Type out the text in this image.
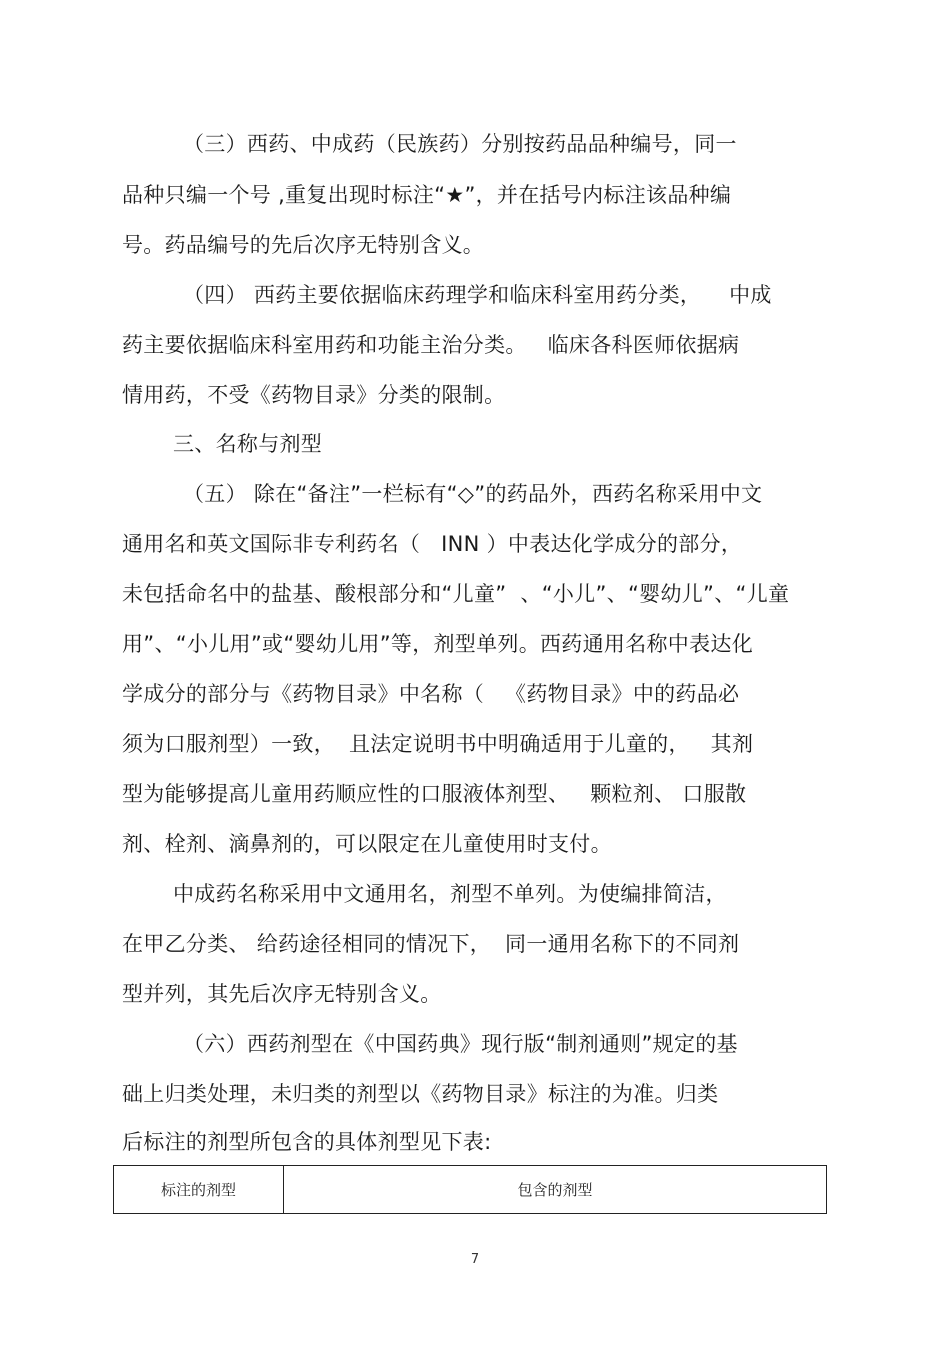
（三）西药、中成药（民族药）分别按药品品种编号，同一
品种只编一个号 ,重复出现时标注“★”，并在括号内标注该品种编
号。药品编号的先后次序无特别含义。
（四） 西药主要依据临床药理学和临床科室用药分类，    中成
药主要依据临床科室用药和功能主治分类。   临床各科医师依据病
情用药，不受《药物目录》分类的限制。
三、名称与剂型
（五） 除在“备注”一栏标有“◇”的药品外，西药名称采用中文
通用名和英文国际非专利药名（   INN ）中表达化学成分的部分，
未包括命名中的盐基、酸根部分和“儿童”  、“小儿”、“婴幼儿”、“儿童
用”、“小儿用”或“婴幼儿用”等，剂型单列。西药通用名称中表达化
学成分的部分与《药物目录》中名称（   《药物目录》中的药品必
须为口服剂型）一致，  且法定说明书中明确适用于儿童的，   其剂
型为能够提高儿童用药顺应性的口服液体剂型、   颗粒剂、 口服散
剂、栓剂、滴鼻剂的，可以限定在儿童使用时支付。
中成药名称采用中文通用名，剂型不单列。为使编排简洁，
在甲乙分类、 给药途径相同的情况下，  同一通用名称下的不同剂
型并列，其先后次序无特别含义。
（六）西药剂型在《中国药典》现行版“制剂通则”规定的基
础上归类处理，未归类的剂型以《药物目录》标注的为准。归类
后标注的剂型所包含的具体剂型见下表:
标注的剂型	包含的剂型
7
